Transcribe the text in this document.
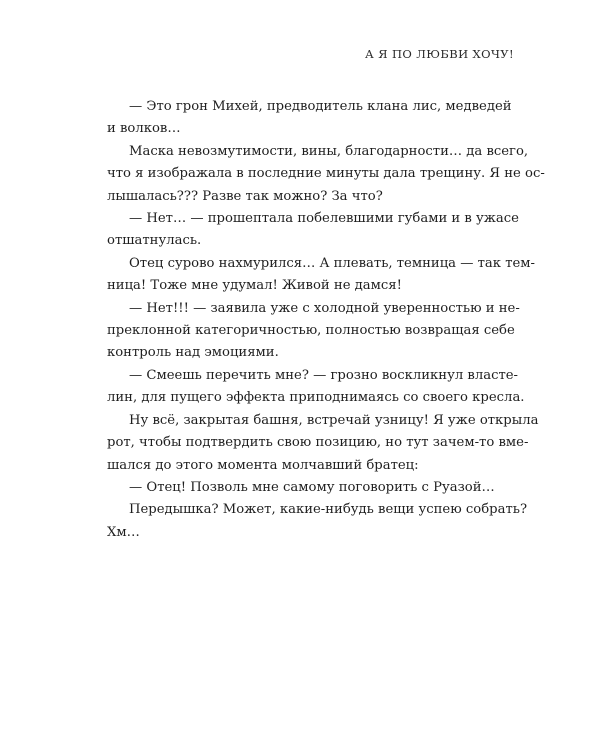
А Я ПО ЛЮБВИ ХОЧУ!
— Это грон Михей, предводитель клана лис, медведей
и волков…
Маска невозмутимости, вины, благодарности… да всего,
что я изображала в последние минуты дала трещину. Я не ос-
лышалась??? Разве так можно? За что?
— Нет… — прошептала побелевшими губами и в ужасе
отшатнулась.
Отец сурово нахмурился… А плевать, темница — так тем-
ница! Тоже мне удумал! Живой не дамся!
— Нет!!! — заявила уже с холодной уверенностью и не-
преклонной категоричностью, полностью возвращая себе
контроль над эмоциями.
— Смеешь перечить мне? — грозно воскликнул власте-
лин, для пущего эффекта приподнимаясь со своего кресла.
Ну всё, закрытая башня, встречай узницу! Я уже открыла
рот, чтобы подтвердить свою позицию, но тут зачем-то вме-
шался до этого момента молчавший братец:
— Отец! Позволь мне самому поговорить с Руазой…
Передышка? Может, какие-нибудь вещи успею собрать?
Хм…
